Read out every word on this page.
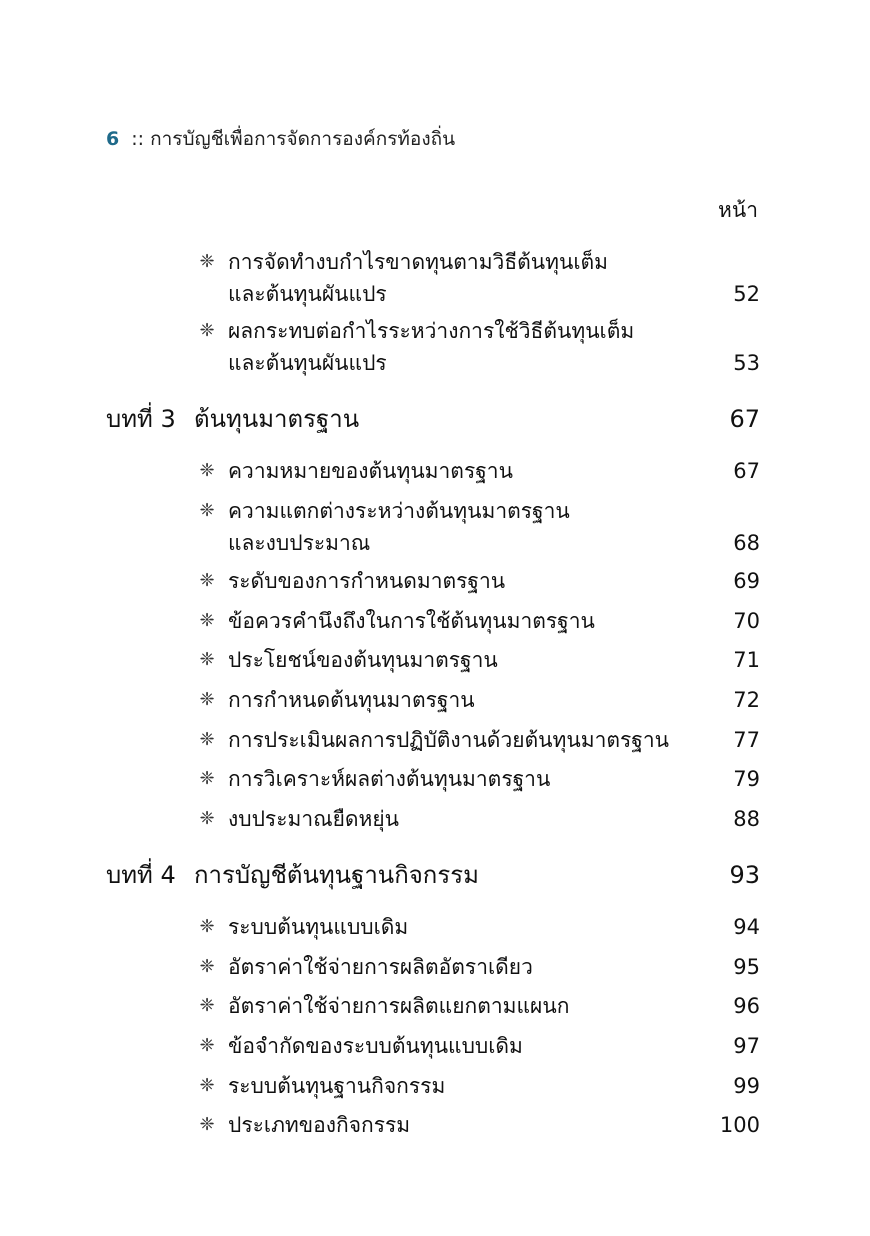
6 :: การบัญชีเพื่อการจัดการองค์กรท้องถิ่น
หน้า
❈ การจัดทำงบกำไรขาดทุนตามวิธีต้นทุนเต็ม
และต้นทุนผันแปร	52
❈ ผลกระทบต่อกำไรระหว่างการใช้วิธีต้นทุนเต็ม
และต้นทุนผันแปร	53
บทที่ 3 ต้นทุนมาตรฐาน	67
❈ ความหมายของต้นทุนมาตรฐาน	67
❈ ความแตกต่างระหว่างต้นทุนมาตรฐาน
และงบประมาณ	68
❈ ระดับของการกำหนดมาตรฐาน	69
❈ ข้อควรคำนึงถึงในการใช้ต้นทุนมาตรฐาน	70
❈ ประโยชน์ของต้นทุนมาตรฐาน	71
❈ การกำหนดต้นทุนมาตรฐาน	72
❈ การประเมินผลการปฏิบัติงานด้วยต้นทุนมาตรฐาน	77
❈ การวิเคราะห์ผลต่างต้นทุนมาตรฐาน	79
❈ งบประมาณยืดหยุ่น	88
บทที่ 4 การบัญชีต้นทุนฐานกิจกรรม	93
❈ ระบบต้นทุนแบบเดิม	94
❈ อัตราค่าใช้จ่ายการผลิตอัตราเดียว	95
❈ อัตราค่าใช้จ่ายการผลิตแยกตามแผนก	96
❈ ข้อจำกัดของระบบต้นทุนแบบเดิม	97
❈ ระบบต้นทุนฐานกิจกรรม	99
❈ ประเภทของกิจกรรม	100
